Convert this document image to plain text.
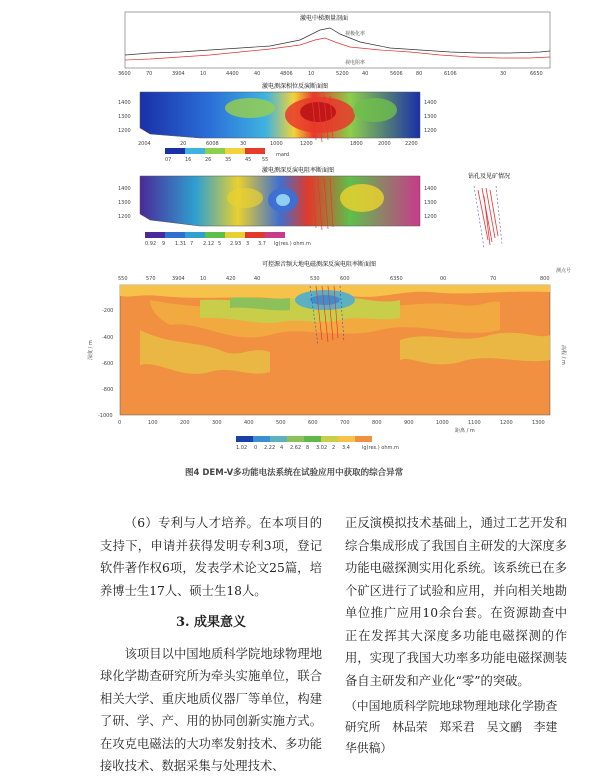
激电中梯测量剖面
视极化率
视电阻率
3600	70	3904	10	4400	40	4806	10	5200	40	5606	80	6106	30	6650
激电测深相位反演断面图
1400
1300
1200
1400
1300
1200
2004	20	6008	30	1000	1200	1800	2000	2200
07	16	26	35	45 55
mard
激电测深反演电阻率断面图
1400
1300
1200
1400
1300
1200
0.92 9 1.31 7 2.12 5 2.93 3 3.7 lg(res.) ohm.m
钻孔及见矿情况
可控源音频大地电磁测深反演电阻率断面图
550	570	3904	10	420	40	530	600	6350	00	70	800
测点号
-200
-400
-600
-800
-1000
深度 / m	高程 / m
0	100	200	300	400	500	600	700	800	900	1000	1100	1200	1300
距离 / m
1.02 0 2.22 4 2.62 8 3.02 2 3.4 lg(res.) ohm.m
图4 DEM-V多功能电法系统在试验应用中获取的综合异常

（6）专利与人才培养。在本项目的支持下，申请并获得发明专利3项，登记软件著作权6项，发表学术论文25篇，培养博士生17人、硕士生18人。

3. 成果意义

该项目以中国地质科学院地球物理地球化学勘查研究所为牵头实施单位，联合相关大学、重庆地质仪器厂等单位，构建了研、学、产、用的协同创新实施方式。在攻克电磁法的大功率发射技术、多功能接收技术、数据采集与处理技术、

正反演模拟技术基础上，通过工艺开发和综合集成形成了我国自主研发的大深度多功能电磁探测实用化系统。该系统已在多个矿区进行了试验和应用，并向相关地勘单位推广应用10余台套。在资源勘查中正在发挥其大深度多功能电磁探测的作用，实现了我国大功率多功能电磁探测装备自主研发和产业化“零”的突破。

（中国地质科学院地球物理地球化学勘查研究所　林品荣　郑采君　吴文鹂　李建华供稿）
